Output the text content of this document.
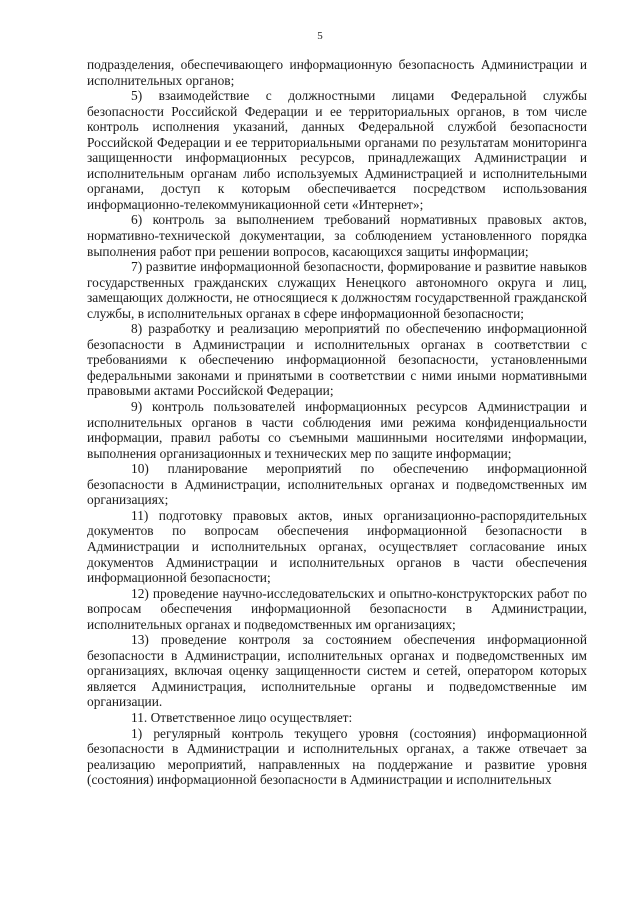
5

подразделения, обеспечивающего информационную безопасность Администрации и исполнительных органов;

5) взаимодействие с должностными лицами Федеральной службы безопасности Российской Федерации и ее территориальных органов, в том числе контроль исполнения указаний, данных Федеральной службой безопасности Российской Федерации и ее территориальными органами по результатам мониторинга защищенности информационных ресурсов, принадлежащих Администрации и исполнительным органам либо используемых Администрацией и исполнительными органами, доступ к которым обеспечивается посредством использования информационно-телекоммуникационной сети «Интернет»;

6) контроль за выполнением требований нормативных правовых актов, нормативно-технической документации, за соблюдением установленного порядка выполнения работ при решении вопросов, касающихся защиты информации;

7) развитие информационной безопасности, формирование и развитие навыков государственных гражданских служащих Ненецкого автономного округа и лиц, замещающих должности, не относящиеся к должностям государственной гражданской службы, в исполнительных органах в сфере информационной безопасности;

8) разработку и реализацию мероприятий по обеспечению информационной безопасности в Администрации и исполнительных органах в соответствии с требованиями к обеспечению информационной безопасности, установленными федеральными законами и принятыми в соответствии с ними иными нормативными правовыми актами Российской Федерации;

9) контроль пользователей информационных ресурсов Администрации и исполнительных органов в части соблюдения ими режима конфиденциальности информации, правил работы со съемными машинными носителями информации, выполнения организационных и технических мер по защите информации;

10) планирование мероприятий по обеспечению информационной безопасности в Администрации, исполнительных органах и подведомственных им организациях;

11) подготовку правовых актов, иных организационно-распорядительных документов по вопросам обеспечения информационной безопасности в Администрации и исполнительных органах, осуществляет согласование иных документов Администрации и исполнительных органов в части обеспечения информационной безопасности;

12) проведение научно-исследовательских и опытно-конструкторских работ по вопросам обеспечения информационной безопасности в Администрации, исполнительных органах и подведомственных им организациях;

13) проведение контроля за состоянием обеспечения информационной безопасности в Администрации, исполнительных органах и подведомственных им организациях, включая оценку защищенности систем и сетей, оператором которых является Администрация, исполнительные органы и подведомственные им организации.

11. Ответственное лицо осуществляет:

1) регулярный контроль текущего уровня (состояния) информационной безопасности в Администрации и исполнительных органах, а также отвечает за реализацию мероприятий, направленных на поддержание и развитие уровня (состояния) информационной безопасности в Администрации и исполнительных
